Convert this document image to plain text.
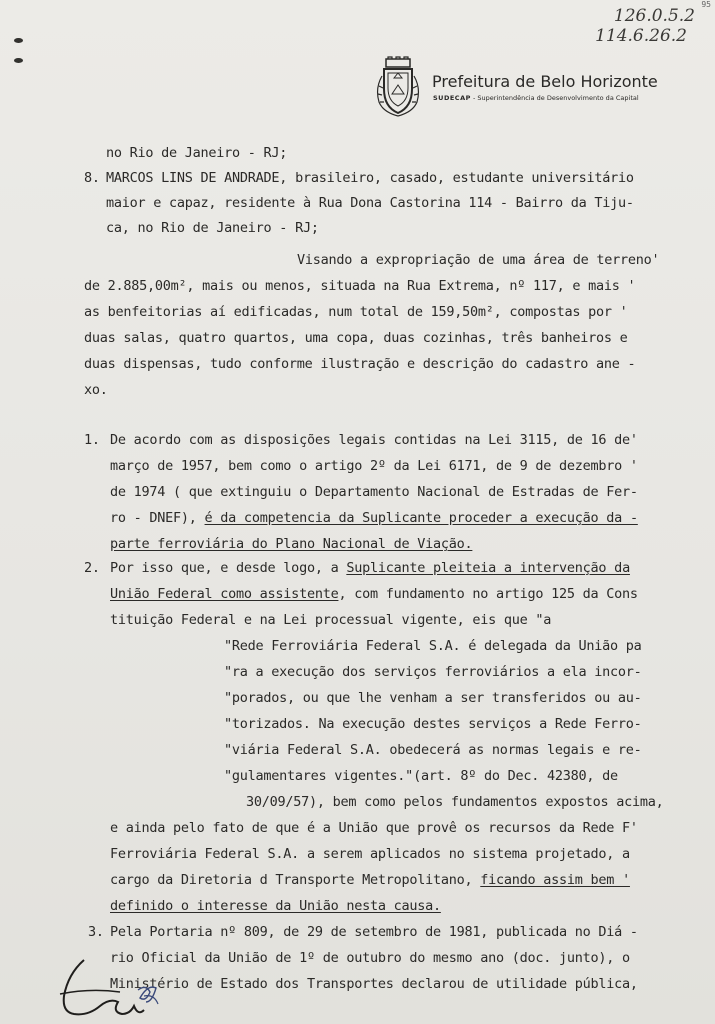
95
126.0.5.2
114.6.26.2
Prefeitura de Belo Horizonte
SUDECAP - Superintendência de Desenvolvimento da Capital
no Rio de Janeiro - RJ;
8. MARCOS LINS DE ANDRADE, brasileiro, casado, estudante universitário
maior e capaz, residente à Rua Dona Castorina 114 - Bairro da Tiju-
ca, no Rio de Janeiro - RJ;
Visando a expropriação de uma área de terreno'
de 2.885,00m², mais ou menos, situada na Rua Extrema, nº 117, e mais '
as benfeitorias aí edificadas, num total de 159,50m², compostas por '
duas salas, quatro quartos, uma copa, duas cozinhas, três banheiros e
duas dispensas, tudo conforme ilustração e descrição do cadastro ane -
xo.
1. De acordo com as disposições legais contidas na Lei 3115, de 16 de'
março de 1957, bem como o artigo 2º da Lei 6171, de 9 de dezembro '
de 1974 ( que extinguiu o Departamento Nacional de Estradas de Fer-
ro - DNEF), é da competencia da Suplicante proceder a execução da -
parte ferroviária do Plano Nacional de Viação.
2. Por isso que, e desde logo, a Suplicante pleiteia a intervenção da
União Federal como assistente, com fundamento no artigo 125 da Cons
tituição Federal e na Lei processual vigente, eis que "a
"Rede Ferroviária Federal S.A. é delegada da União pa
"ra a execução dos serviços ferroviários a ela incor-
"porados, ou que lhe venham a ser transferidos ou au-
"torizados. Na execução destes serviços a Rede Ferro-
"viária Federal S.A. obedecerá as normas legais e re-
"gulamentares vigentes."(art. 8º do Dec. 42380, de
30/09/57), bem como pelos fundamentos expostos acima,
e ainda pelo fato de que é a União que provê os recursos da Rede F'
Ferroviária Federal S.A. a serem aplicados no sistema projetado, a
cargo da Diretoria d Transporte Metropolitano, ficando assim bem '
definido o interesse da União nesta causa.
3. Pela Portaria nº 809, de 29 de setembro de 1981, publicada no Diá -
rio Oficial da União de 1º de outubro do mesmo ano (doc. junto), o
Ministério de Estado dos Transportes declarou de utilidade pública,
